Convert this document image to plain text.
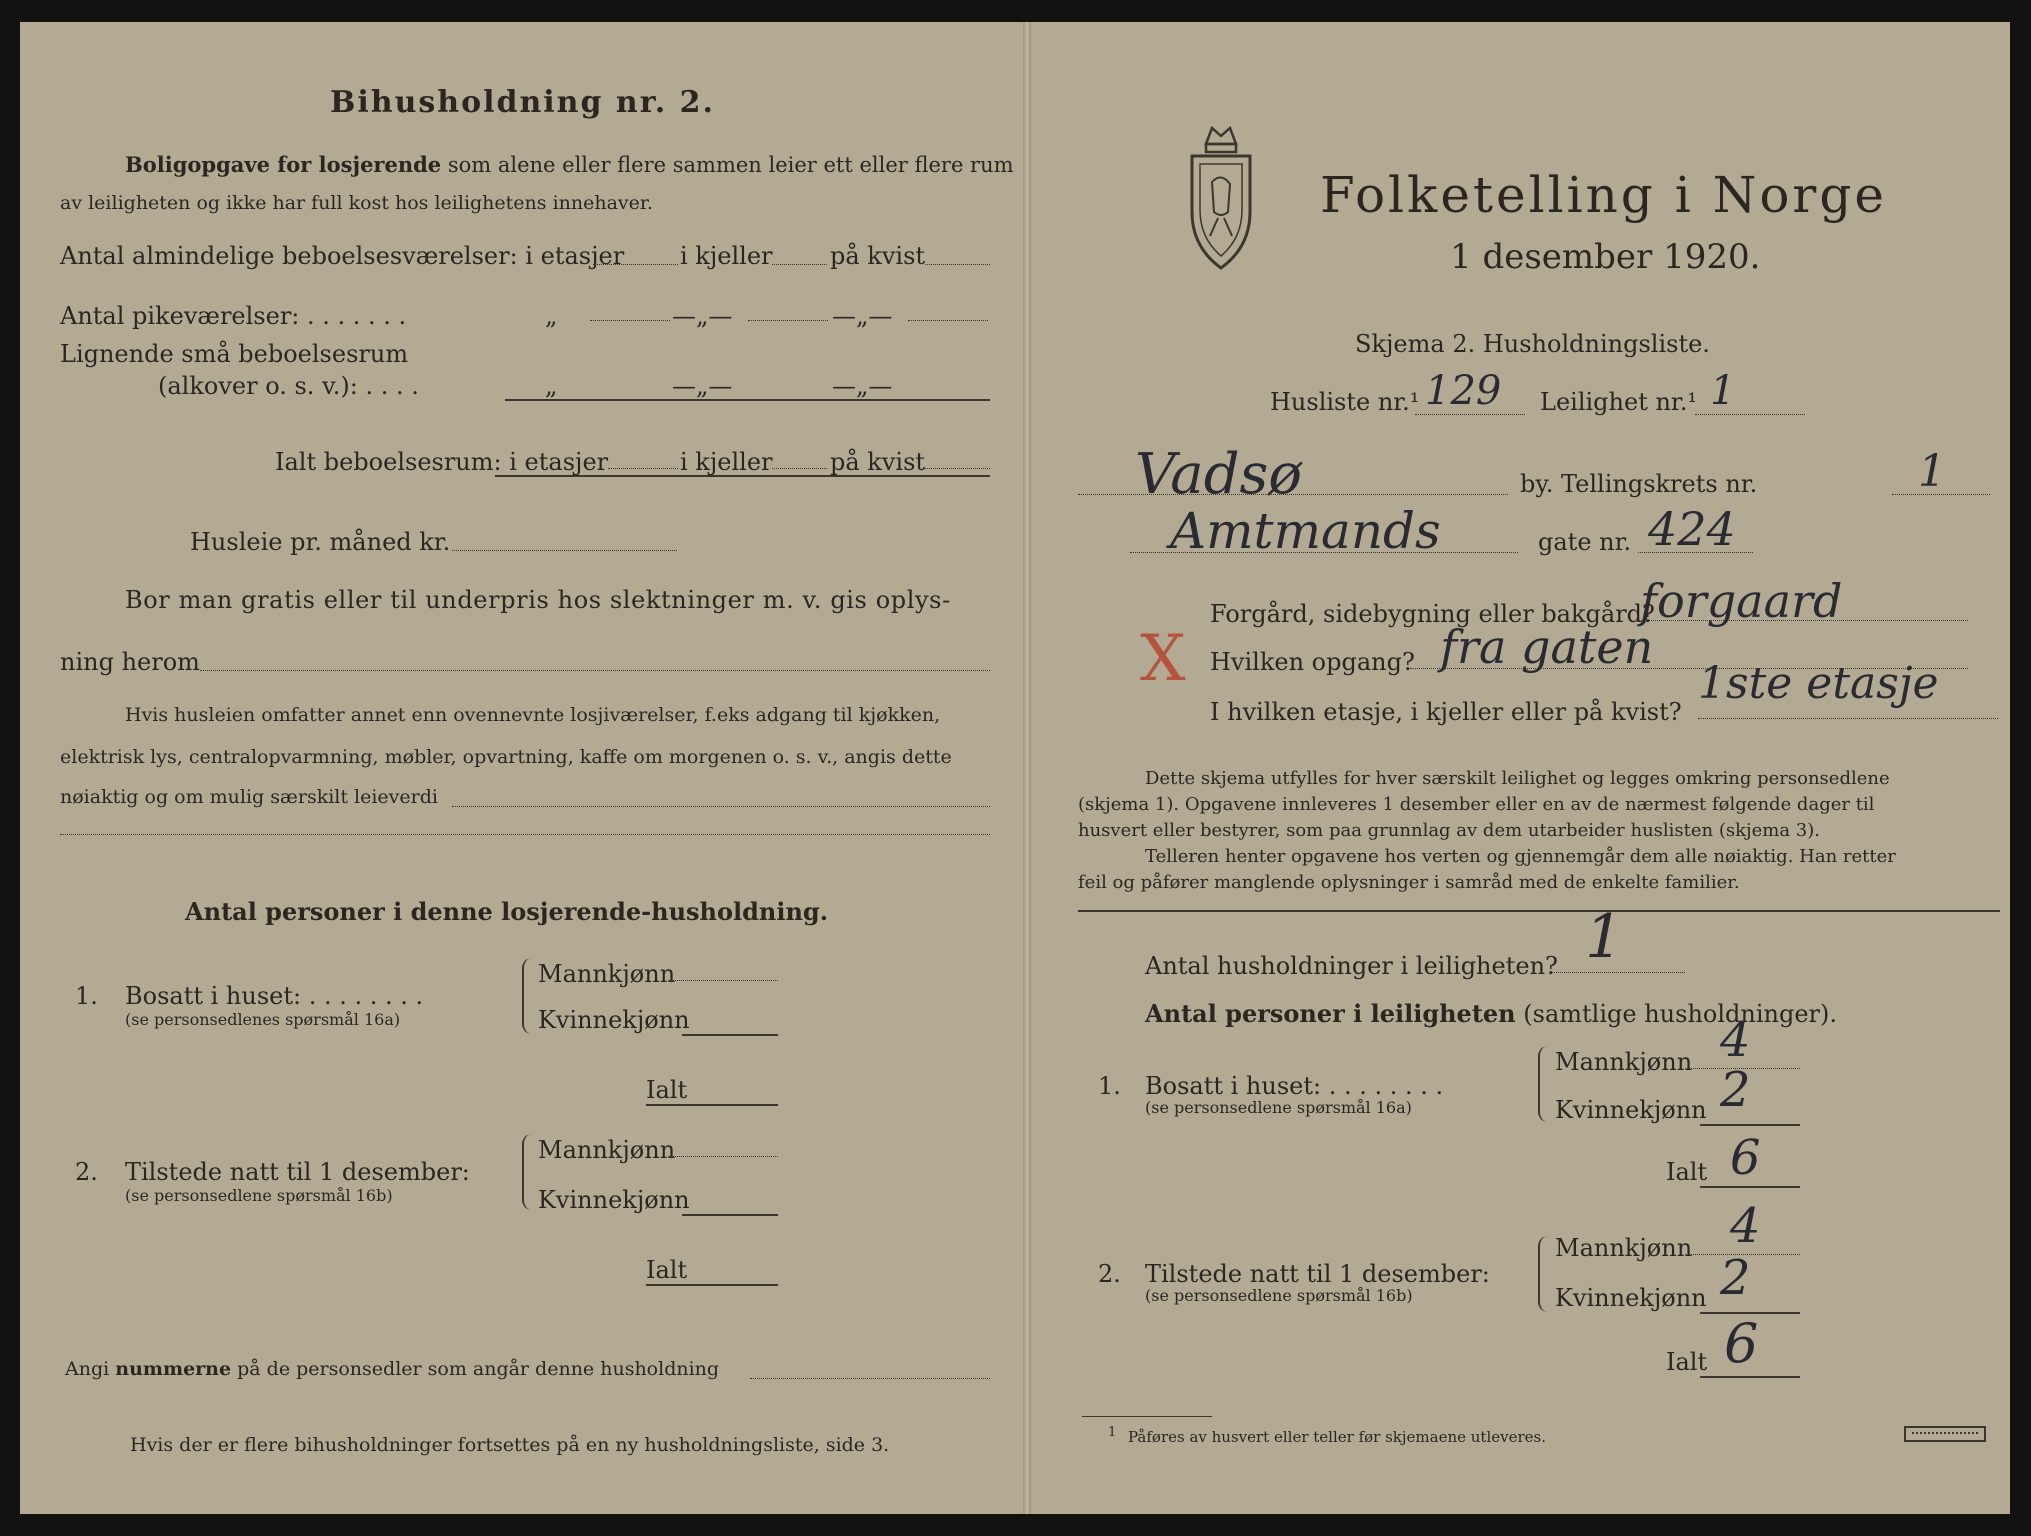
Bihusholdning nr. 2.
Boligopgave for losjerende som alene eller flere sammen leier ett eller flere rum
av leiligheten og ikke har full kost hos leilighetens innehaver.
Antal almindelige beboelsesværelser: i etasjer i kjeller på kvist
Antal pikeværelser: . . . . . . .	„	—„—	—„—
Lignende små beboelsesrum
(alkover o. s. v.): . . . .	„	—„—	—„—
Ialt beboelsesrum: i etasjer	i kjeller på kvist
Husleie pr. måned kr.
Bor man gratis eller til underpris hos slektninger m. v. gis oplys-
ning herom
Hvis husleien omfatter annet enn ovennevnte losjiværelser, f.eks adgang til kjøkken,
elektrisk lys, centralopvarmning, møbler, opvartning, kaffe om morgenen o. s. v., angis dette
nøiaktig og om mulig særskilt leieverdi
Antal personer i denne losjerende-husholdning.
1. Bosatt i huset: . . . . . . . .
(se personsedlenes spørsmål 16a)
Mannkjønn
Kvinnekjønn
Ialt
2. Tilstede natt til 1 desember:
(se personsedlene spørsmål 16b)
Mannkjønn
Kvinnekjønn
Ialt
Angi nummerne på de personsedler som angår denne husholdning
Hvis der er flere bihusholdninger fortsettes på en ny husholdningsliste, side 3.
Folketelling i Norge
1 desember 1920.
Skjema 2. Husholdningsliste.
Husliste nr.¹ 129 Leilighet nr.¹ 1
Vadsø	by. Tellingskrets nr.	1
Amtmands	gate nr. 424
X
Forgård, sidebygning eller bakgård?
forgaard
Hvilken opgang? fra gaten
I hvilken etasje, i kjeller eller på kvist?
1ste etasje
Dette skjema utfylles for hver særskilt leilighet og legges omkring personsedlene
(skjema 1). Opgavene innleveres 1 desember eller en av de nærmest følgende dager til
husvert eller bestyrer, som paa grunnlag av dem utarbeider huslisten (skjema 3).
Telleren henter opgavene hos verten og gjennemgår dem alle nøiaktig. Han retter
feil og påfører manglende oplysninger i samråd med de enkelte familier.
Antal husholdninger i leiligheten? 1
Antal personer i leiligheten (samtlige husholdninger).
1. Bosatt i huset: . . . . . . . .
(se personsedlene spørsmål 16a)
Mannkjønn 4
Kvinnekjønn 2
Ialt 6
2. Tilstede natt til 1 desember:
(se personsedlene spørsmål 16b)
Mannkjønn 4
Kvinnekjønn 2
Ialt 6
1 Påføres av husvert eller teller før skjemaene utleveres.
